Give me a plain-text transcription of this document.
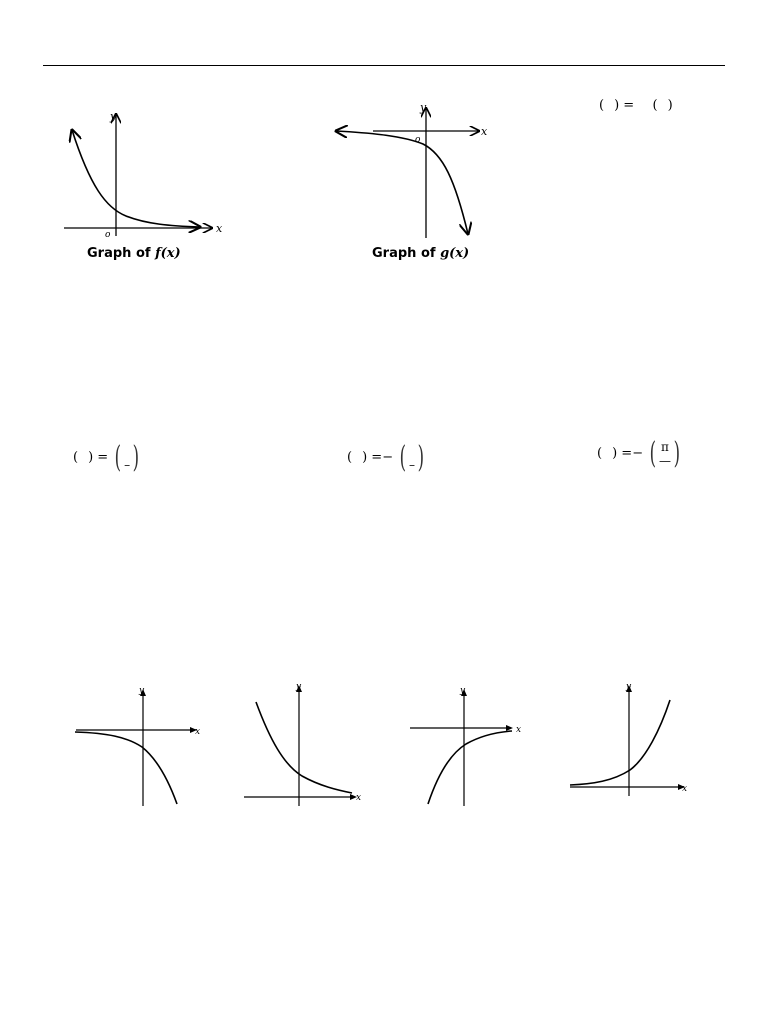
y
x
o
Graph of f(x)
y
x
o
Graph of g(x)
( ) = ( )
( ) = ( –)	( ) =− ( –)	( ) =− ( π
—)
y
x
y
x
y
x
y
x
